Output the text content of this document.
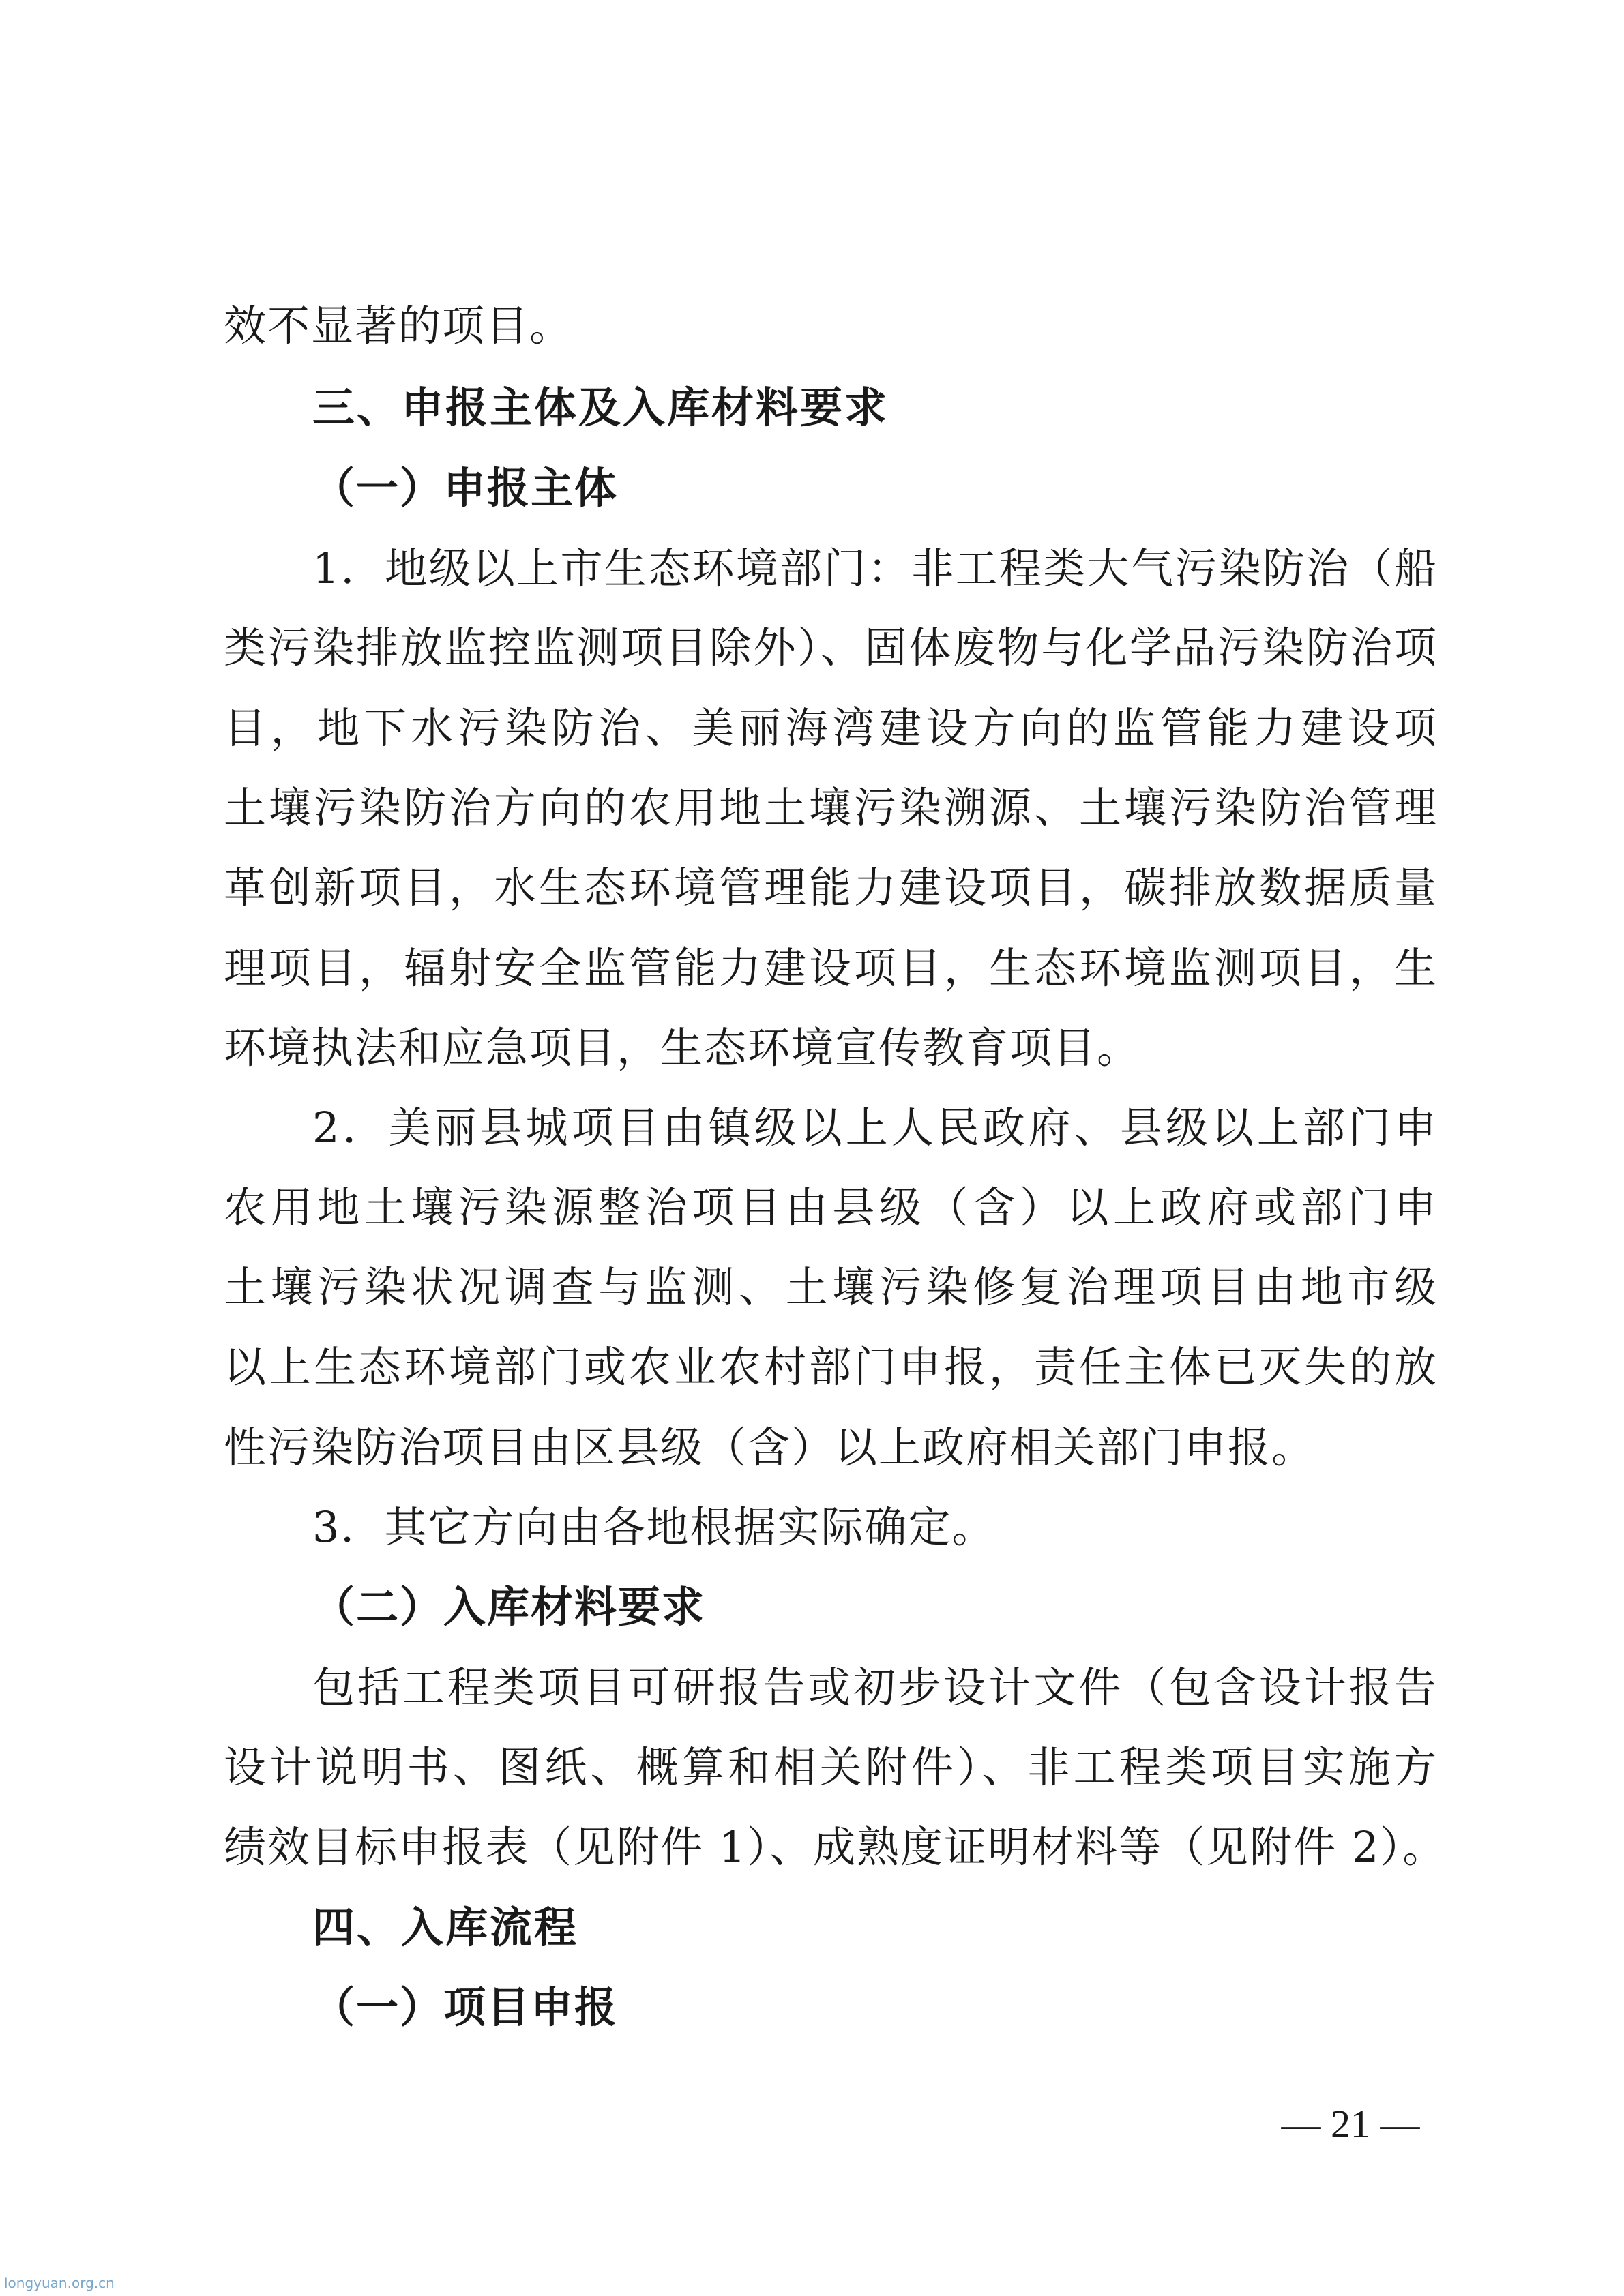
效不显著的项目。
三、申报主体及入库材料要求
（一）申报主体
1．地级以上市生态环境部门：非工程类大气污染防治（船
类污染排放监控监测项目除外）、固体废物与化学品污染防治项
目，地下水污染防治、美丽海湾建设方向的监管能力建设项
土壤污染防治方向的农用地土壤污染溯源、土壤污染防治管理
革创新项目，水生态环境管理能力建设项目，碳排放数据质量
理项目，辐射安全监管能力建设项目，生态环境监测项目，生
环境执法和应急项目，生态环境宣传教育项目。
2．美丽县城项目由镇级以上人民政府、县级以上部门申
农用地土壤污染源整治项目由县级（含）以上政府或部门申
土壤污染状况调查与监测、土壤污染修复治理项目由地市级
以上生态环境部门或农业农村部门申报，责任主体已灭失的放
性污染防治项目由区县级（含）以上政府相关部门申报。
3．其它方向由各地根据实际确定。
（二）入库材料要求
包括工程类项目可研报告或初步设计文件（包含设计报告
设计说明书、图纸、概算和相关附件）、非工程类项目实施方
绩效目标申报表（见附件 1）、成熟度证明材料等（见附件 2）。
四、入库流程
（一）项目申报
— 21 —
longyuan.org.cn
